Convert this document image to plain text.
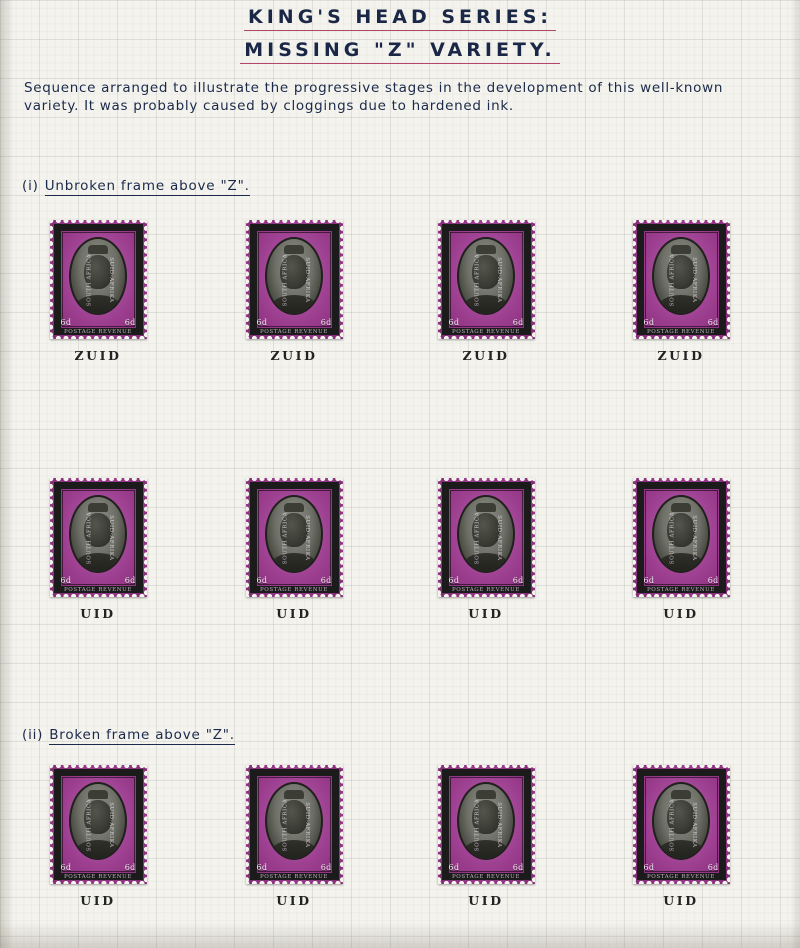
KING'S HEAD SERIES:
MISSING "Z" VARIETY.
Sequence arranged to illustrate the progressive stages in the development of this well-known variety. It was probably caused by cloggings due to hardened ink.
(i) Unbroken frame above "Z".
SOUTH AFRICA	SUID-AFRIKA
POSTAGE REVENUE
6d	6d
ZUID
SOUTH AFRICA	SUID-AFRIKA
POSTAGE REVENUE
6d	6d
ZUID
SOUTH AFRICA	SUID-AFRIKA
POSTAGE REVENUE
6d	6d
ZUID
SOUTH AFRICA	SUID-AFRIKA
POSTAGE REVENUE
6d	6d
ZUID
SOUTH AFRICA	SUID-AFRIKA
POSTAGE REVENUE
6d	6d
UID
SOUTH AFRICA	SUID-AFRIKA
POSTAGE REVENUE
6d	6d
UID
SOUTH AFRICA	SUID-AFRIKA
POSTAGE REVENUE
6d	6d
UID
SOUTH AFRICA	SUID-AFRIKA
POSTAGE REVENUE
6d	6d
UID
(ii) Broken frame above "Z".
SOUTH AFRICA	SUID-AFRIKA
POSTAGE REVENUE
6d	6d
UID
SOUTH AFRICA	SUID-AFRIKA
POSTAGE REVENUE
6d	6d
UID
SOUTH AFRICA	SUID-AFRIKA
POSTAGE REVENUE
6d	6d
UID
SOUTH AFRICA	SUID-AFRIKA
POSTAGE REVENUE
6d	6d
UID
